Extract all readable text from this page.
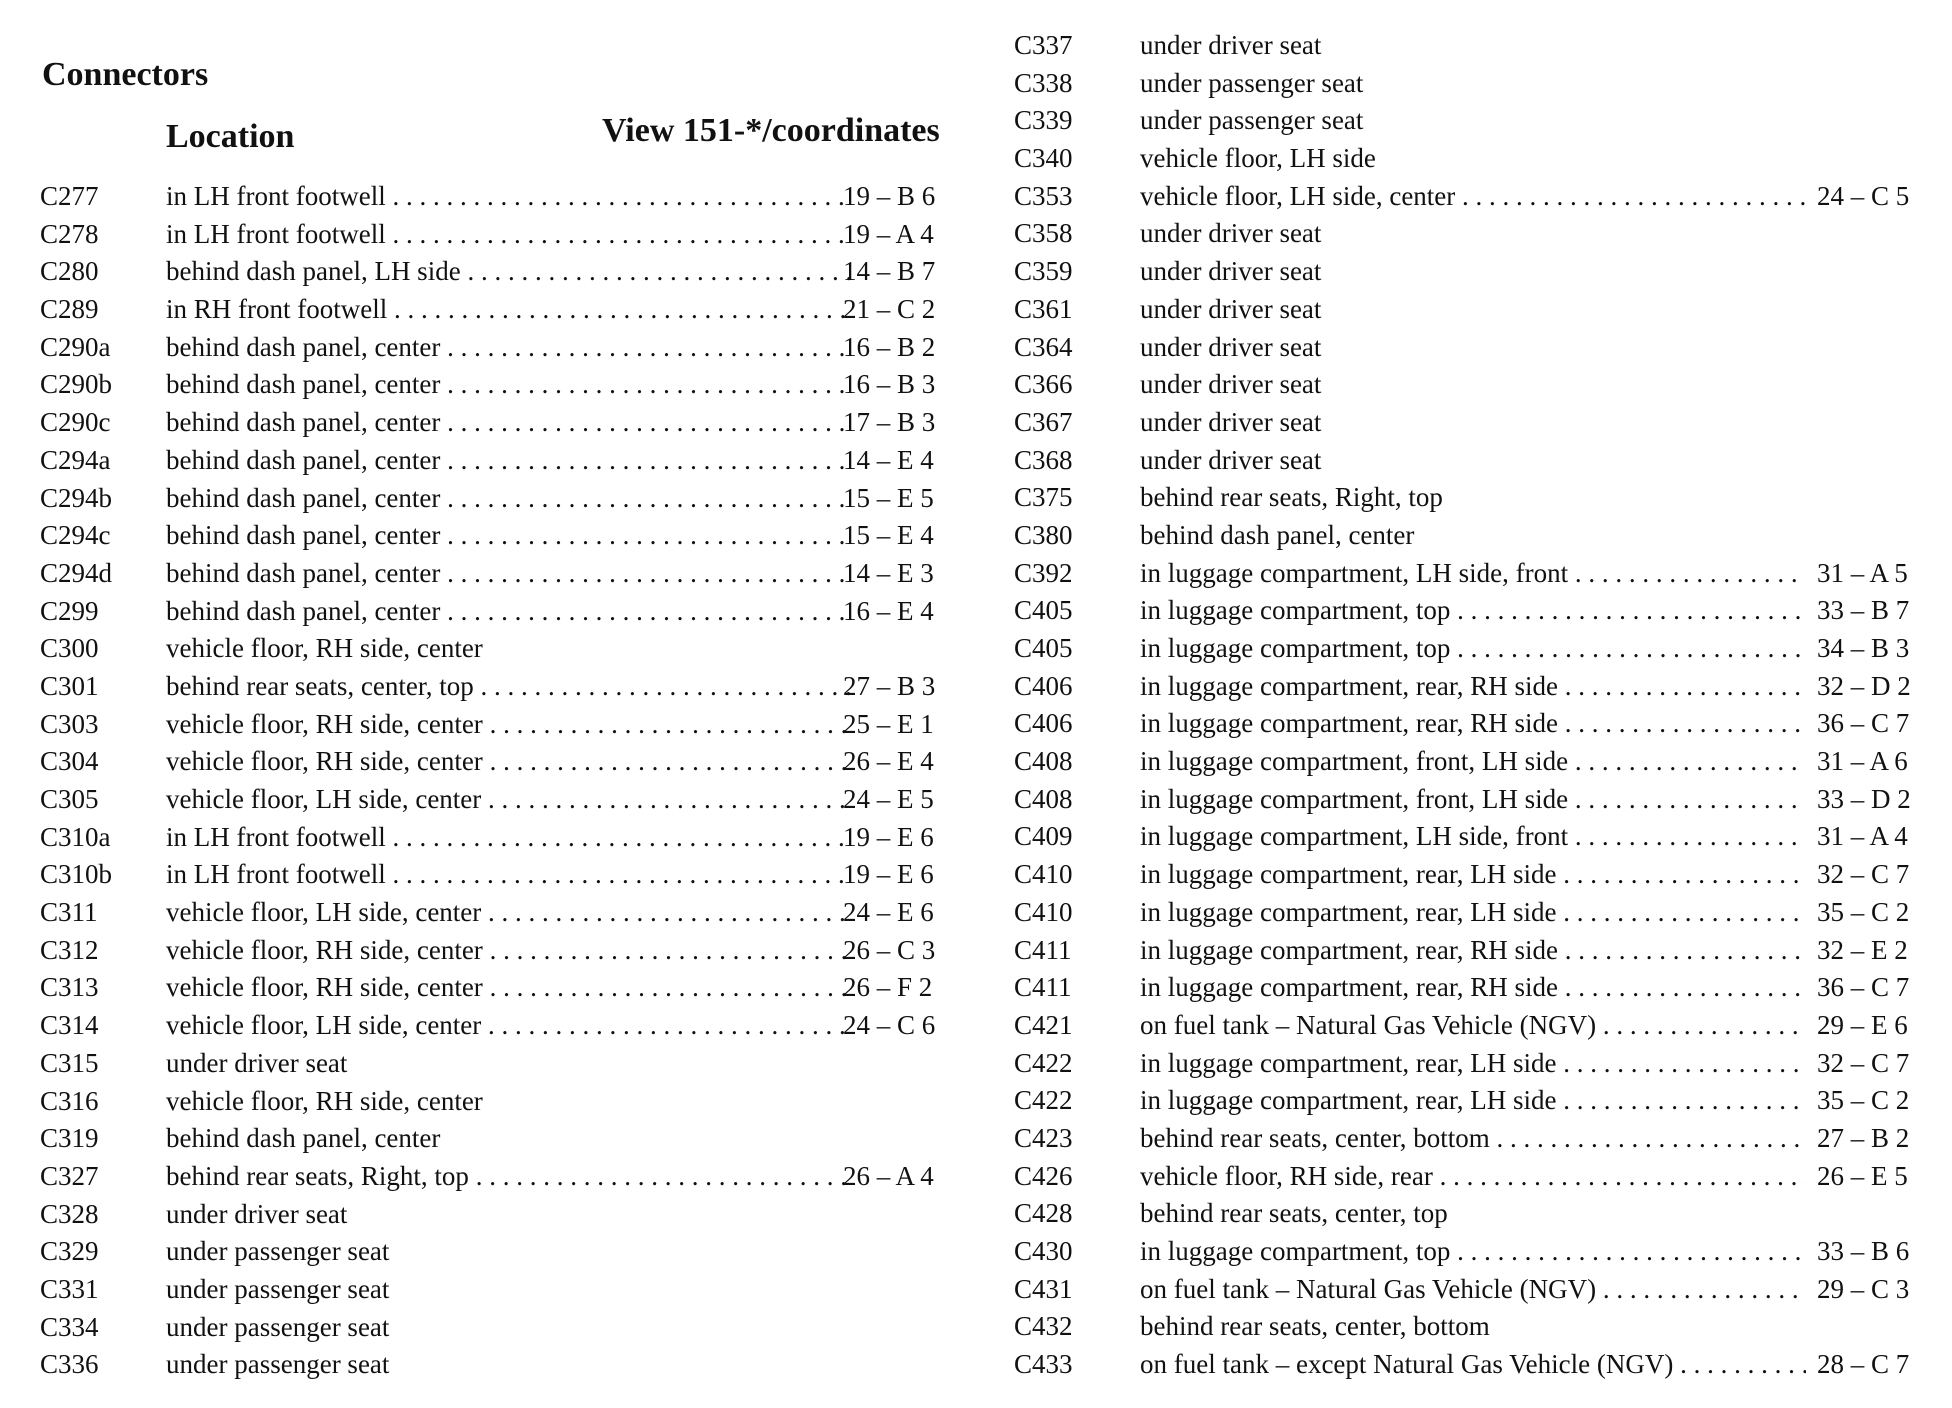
Connectors
Location	View 151-*/coordinates
C277 in LH front footwell . . .	19 – B 6
C278 in LH front footwell . . .	19 – A 4
C280 behind dash panel, LH side . . .	14 – B 7
C289 in RH front footwell . . .	21 – C 2
C290a behind dash panel, center . . .	16 – B 2
C290b behind dash panel, center . . .	16 – B 3
C290c behind dash panel, center . . .	17 – B 3
C294a behind dash panel, center . . .	14 – E 4
C294b behind dash panel, center . . .	15 – E 5
C294c behind dash panel, center . . .	15 – E 4
C294d behind dash panel, center . . .	14 – E 3
C299 behind dash panel, center . . .	16 – E 4
C300 vehicle floor, RH side, center
C301 behind rear seats, center, top . . .	27 – B 3
C303 vehicle floor, RH side, center . . .	25 – E 1
C304 vehicle floor, RH side, center . . .	26 – E 4
C305 vehicle floor, LH side, center . . .	24 – E 5
C310a in LH front footwell . . .	19 – E 6
C310b in LH front footwell . . .	19 – E 6
C311	vehicle floor, LH side, center . . .	24 – E 6
C312 vehicle floor, RH side, center . . .	26 – C 3
C313 vehicle floor, RH side, center . . .	26 – F 2
C314 vehicle floor, LH side, center . . .	24 – C 6
C315 under driver seat
C316 vehicle floor, RH side, center
C319 behind dash panel, center
C327 behind rear seats, Right, top . . .	26 – A 4
C328 under driver seat
C329 under passenger seat
C331 under passenger seat
C334 under passenger seat
C336 under passenger seat
C337 under driver seat
C338 under passenger seat
C339 under passenger seat
C340 vehicle floor, LH side
C353 vehicle floor, LH side, center . . .	24 – C 5
C358 under driver seat
C359 under driver seat
C361 under driver seat
C364 under driver seat
C366 under driver seat
C367 under driver seat
C368 under driver seat
C375 behind rear seats, Right, top
C380 behind dash panel, center
C392 in luggage compartment, LH side, front . . .	31 – A 5
C405 in luggage compartment, top . . .	33 – B 7
C405 in luggage compartment, top . . .	34 – B 3
C406 in luggage compartment, rear, RH side . . .	32 – D 2
C406 in luggage compartment, rear, RH side . . .	36 – C 7
C408 in luggage compartment, front, LH side . . .	31 – A 6
C408 in luggage compartment, front, LH side . . .	33 – D 2
C409 in luggage compartment, LH side, front . . .	31 – A 4
C410 in luggage compartment, rear, LH side . . .	32 – C 7
C410 in luggage compartment, rear, LH side . . .	35 – C 2
C411	in luggage compartment, rear, RH side . . .	32 – E 2
C411	in luggage compartment, rear, RH side . . .	36 – C 7
C421 on fuel tank – Natural Gas Vehicle (NGV) . . .	29 – E 6
C422 in luggage compartment, rear, LH side . . .	32 – C 7
C422 in luggage compartment, rear, LH side . . .	35 – C 2
C423 behind rear seats, center, bottom . . .	27 – B 2
C426 vehicle floor, RH side, rear . . .	26 – E 5
C428 behind rear seats, center, top
C430 in luggage compartment, top . . .	33 – B 6
C431 on fuel tank – Natural Gas Vehicle (NGV) . . .	29 – C 3
C432 behind rear seats, center, bottom
C433 on fuel tank – except Natural Gas Vehicle (NGV) . . .	28 – C 7
